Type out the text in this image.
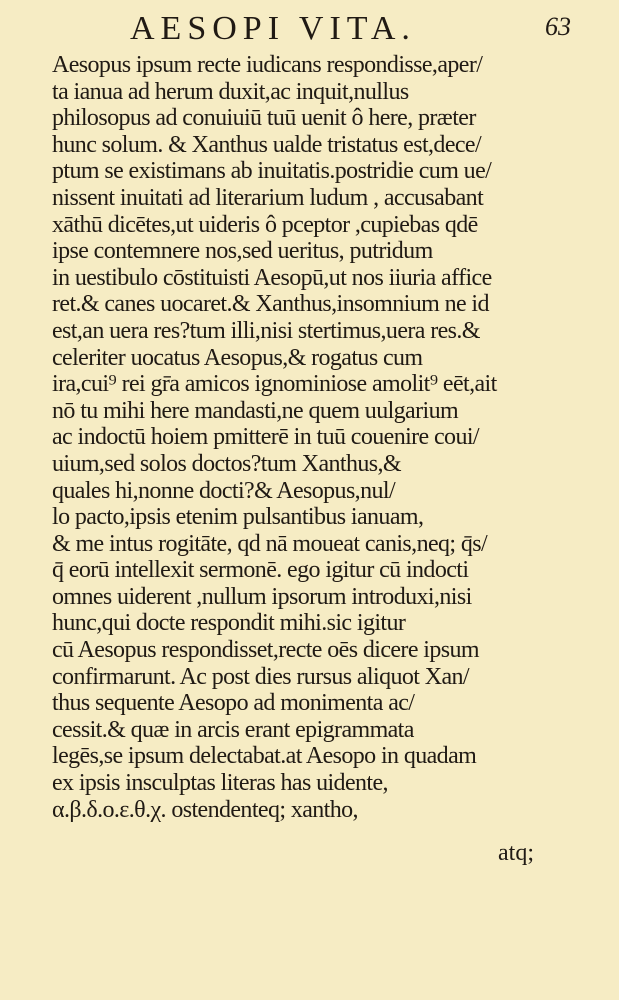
AESOPI VITA.	63
Aesopus ipsum recte iudicans respondisse,aper/
ta ianua ad herum duxit,ac inquit,nullus
philosopus ad conuiuiū tuū uenit ô here, præter
hunc solum. & Xanthus ualde tristatus est,dece/
ptum se existimans ab inuitatis.postridie cum ue/
nissent inuitati ad literarium ludum , accusabant
xāthū dicētes,ut uideris ô pceptor ,cupiebas qdē
ipse contemnere nos,sed ueritus, putridum
in uestibulo cōstituisti Aesopū,ut nos iiuria affice
ret.& canes uocaret.& Xanthus,insomnium ne id
est,an uera res?tum illi,nisi stertimus,uera res.&
celeriter uocatus Aesopus,& rogatus cum
ira,cui⁹ rei gr̄a amicos ignominiose amolit⁹ eēt,ait
nō tu mihi here mandasti,ne quem uulgarium
ac indoctū hoiem pmitterē in tuū couenire coui/
uium,sed solos doctos?tum Xanthus,&
quales hi,nonne docti?& Aesopus,nul/
lo pacto,ipsis etenim pulsantibus ianuam,
& me intus rogitāte, qd nā moueat canis,neq; q̄s/
q̄ eorū intellexit sermonē. ego igitur cū indocti
omnes uiderent ,nullum ipsorum introduxi,nisi
hunc,qui docte respondit mihi.sic igitur
cū Aesopus respondisset,recte oēs dicere ipsum
confirmarunt. Ac post dies rursus aliquot Xan/
thus sequente Aesopo ad monimenta ac/
cessit.& quæ in arcis erant epigrammata
legēs,se ipsum delectabat.at Aesopo in quadam
ex ipsis insculptas literas has uidente,
α.β.δ.ο.ε.θ.χ. ostendenteq; xantho,
atq;
